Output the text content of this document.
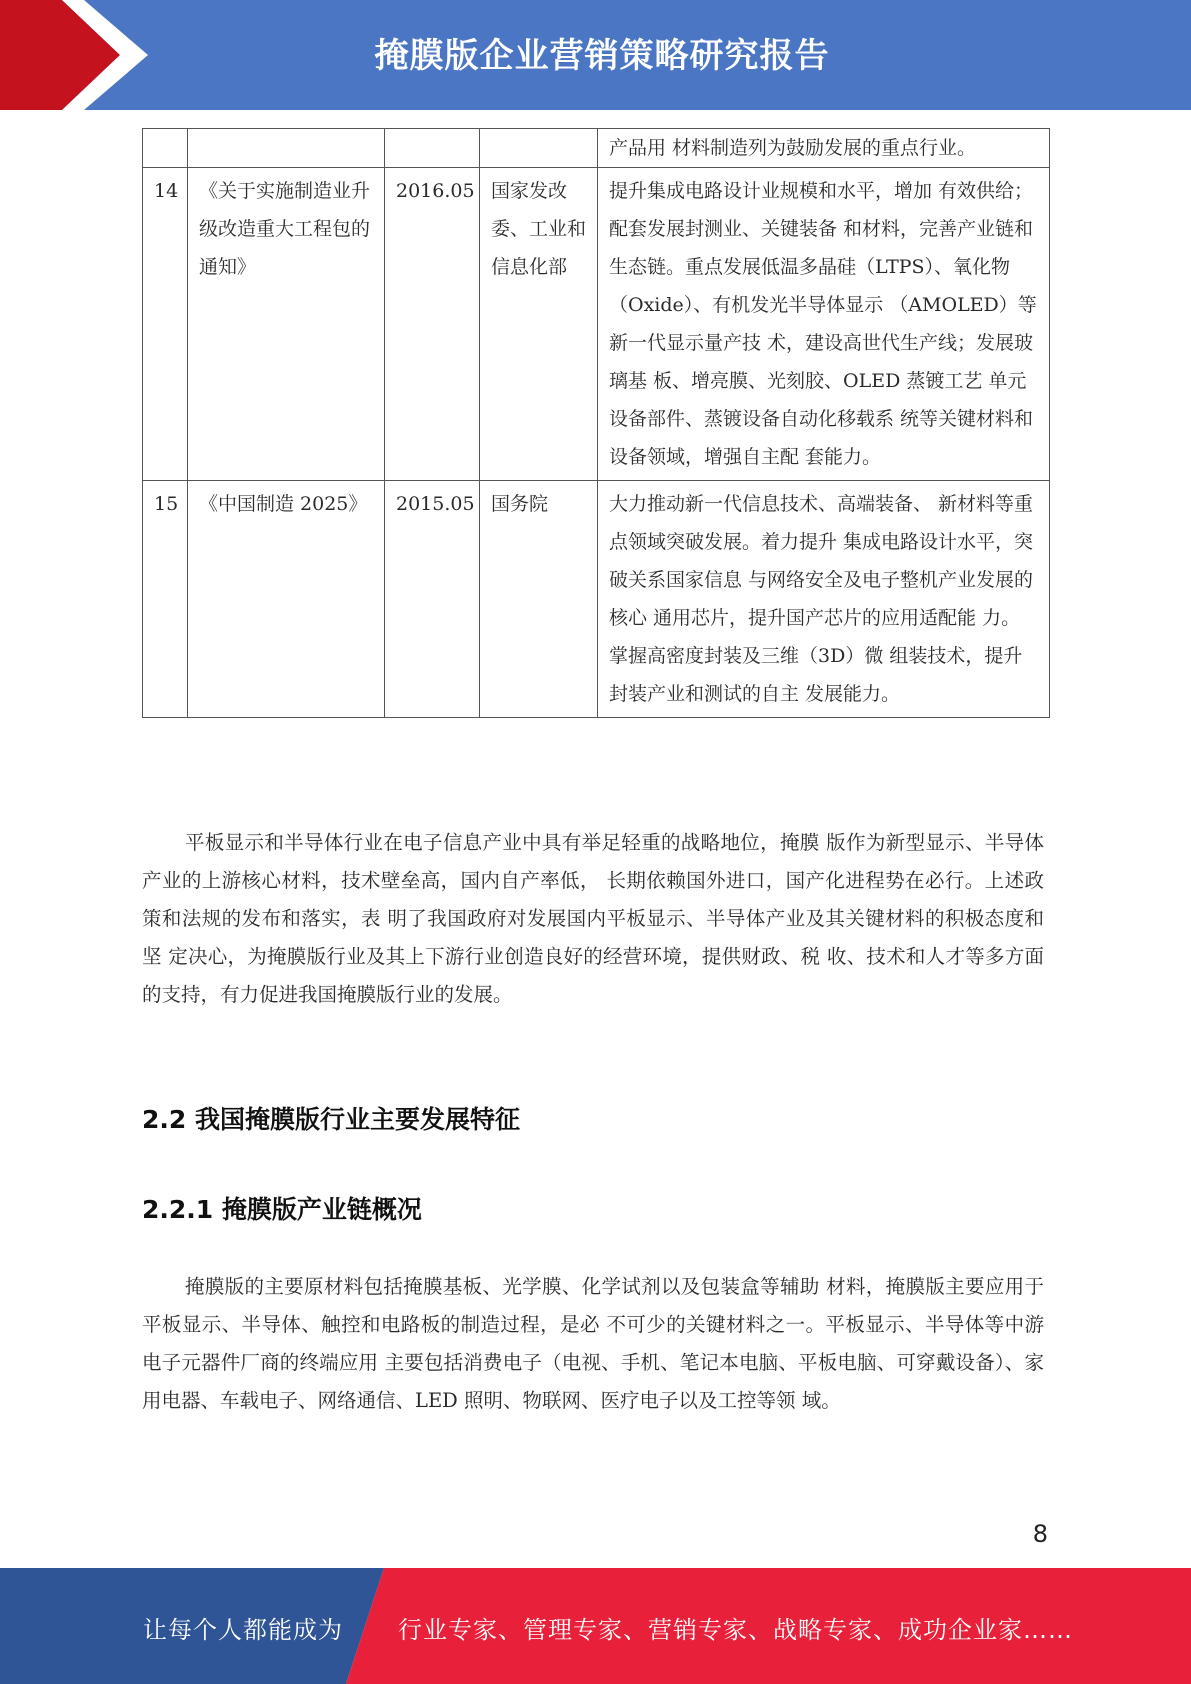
掩膜版企业营销策略研究报告
				产品用 材料制造列为鼓励发展的重点行业。
14	《关于实施制造业升级改造重大工程包的通知》	2016.05	国家发改委、工业和信息化部	提升集成电路设计业规模和水平，增加 有效供给；配套发展封测业、关键装备 和材料，完善产业链和生态链。重点发展低温多晶硅（LTPS）、氧化物 （Oxide）、有机发光半导体显示 （AMOLED）等新一代显示量产技 术，建设高世代生产线；发展玻璃基 板、增亮膜、光刻胶、OLED 蒸镀工艺 单元设备部件、蒸镀设备自动化移载系 统等关键材料和设备领域，增强自主配 套能力。
15	《中国制造 2025》	2015.05	国务院	大力推动新一代信息技术、高端装备、 新材料等重点领域突破发展。着力提升 集成电路设计水平，突破关系国家信息 与网络安全及电子整机产业发展的核心 通用芯片，提升国产芯片的应用适配能 力。掌握高密度封装及三维（3D）微 组装技术，提升封装产业和测试的自主 发展能力。

平板显示和半导体行业在电子信息产业中具有举足轻重的战略地位，掩膜 版作为新型显示、半导体产业的上游核心材料，技术壁垒高，国内自产率低， 长期依赖国外进口，国产化进程势在必行。上述政策和法规的发布和落实，表 明了我国政府对发展国内平板显示、半导体产业及其关键材料的积极态度和坚 定决心，为掩膜版行业及其上下游行业创造良好的经营环境，提供财政、税 收、技术和人才等多方面的支持，有力促进我国掩膜版行业的发展。

2.2 我国掩膜版行业主要发展特征
2.2.1 掩膜版产业链概况

掩膜版的主要原材料包括掩膜基板、光学膜、化学试剂以及包装盒等辅助 材料，掩膜版主要应用于平板显示、半导体、触控和电路板的制造过程，是必 不可少的关键材料之一。平板显示、半导体等中游电子元器件厂商的终端应用 主要包括消费电子（电视、手机、笔记本电脑、平板电脑、可穿戴设备）、家 用电器、车载电子、网络通信、LED 照明、物联网、医疗电子以及工控等领 域。

8
让每个人都能成为 行业专家、管理专家、营销专家、战略专家、成功企业家……
